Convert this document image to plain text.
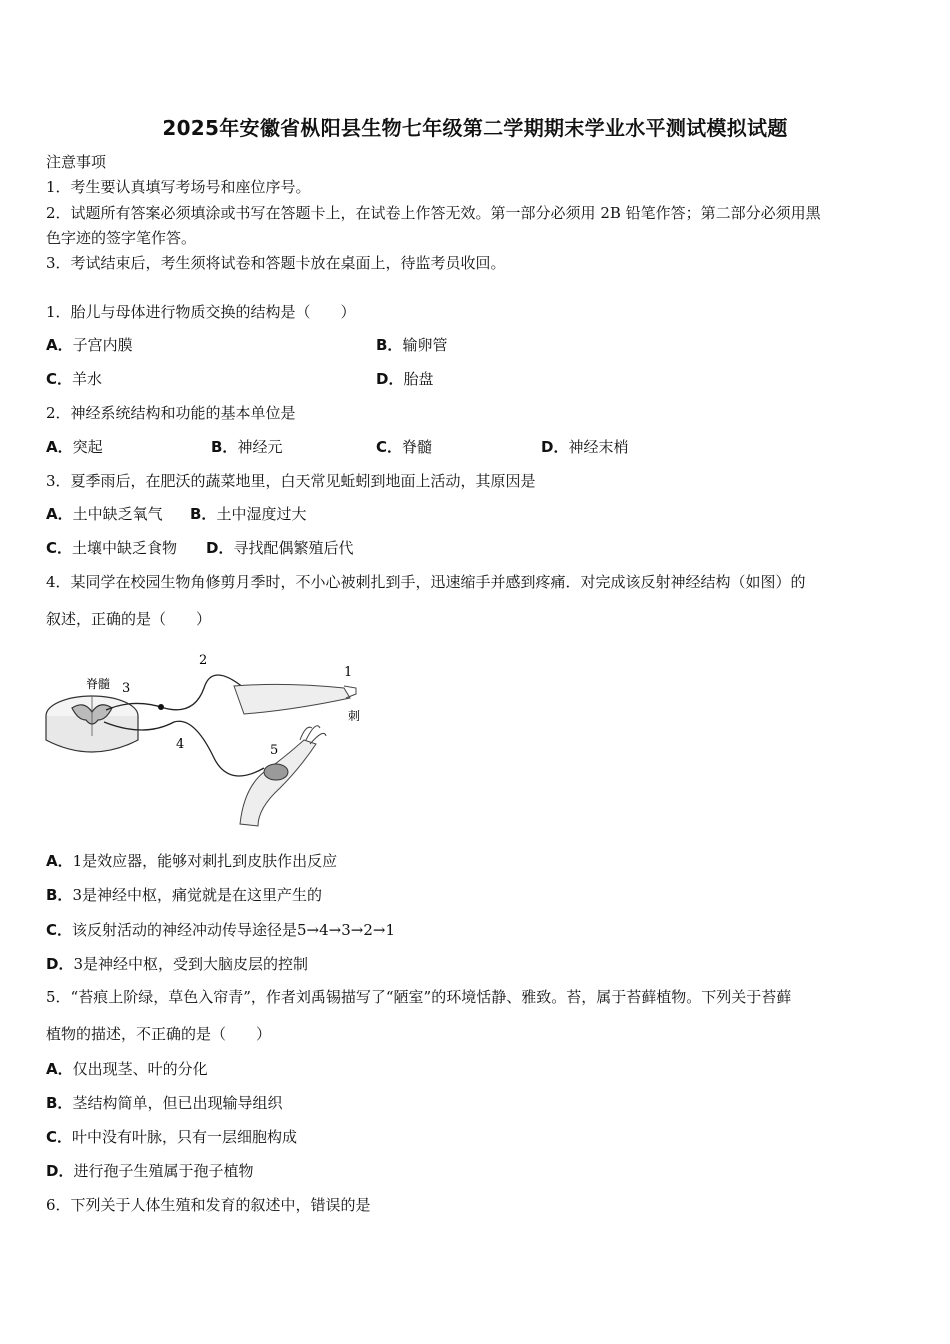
2025年安徽省枞阳县生物七年级第二学期期末学业水平测试模拟试题
注意事项
1．考生要认真填写考场号和座位序号。
2．试题所有答案必须填涂或书写在答题卡上，在试卷上作答无效。第一部分必须用 2B 铅笔作答；第二部分必须用黑
色字迹的签字笔作答。
3．考试结束后，考生须将试卷和答题卡放在桌面上，待监考员收回。
1．胎儿与母体进行物质交换的结构是（　　）
A．子宫内膜	B．输卵管
C．羊水	D．胎盘
2．神经系统结构和功能的基本单位是
A．突起	B．神经元	C．脊髓	D．神经末梢
3．夏季雨后，在肥沃的蔬菜地里，白天常见蚯蚓到地面上活动，其原因是
A．土中缺乏氧气 B．土中湿度过大
C．土壤中缺乏食物 D．寻找配偶繁殖后代
4．某同学在校园生物角修剪月季时，不小心被刺扎到手，迅速缩手并感到疼痛．对完成该反射神经结构（如图）的
叙述，正确的是（　　）
脊髓 3
2
4
1
刺
5
A．1是效应器，能够对刺扎到皮肤作出反应
B．3是神经中枢，痛觉就是在这里产生的
C．该反射活动的神经冲动传导途径是5→4→3→2→1
D．3是神经中枢，受到大脑皮层的控制
5．“苔痕上阶绿，草色入帘青”，作者刘禹锡描写了“陋室”的环境恬静、雅致。苔，属于苔藓植物。下列关于苔藓
植物的描述，不正确的是（　　）
A．仅出现茎、叶的分化
B．茎结构简单，但已出现输导组织
C．叶中没有叶脉，只有一层细胞构成
D．进行孢子生殖属于孢子植物
6．下列关于人体生殖和发育的叙述中，错误的是
